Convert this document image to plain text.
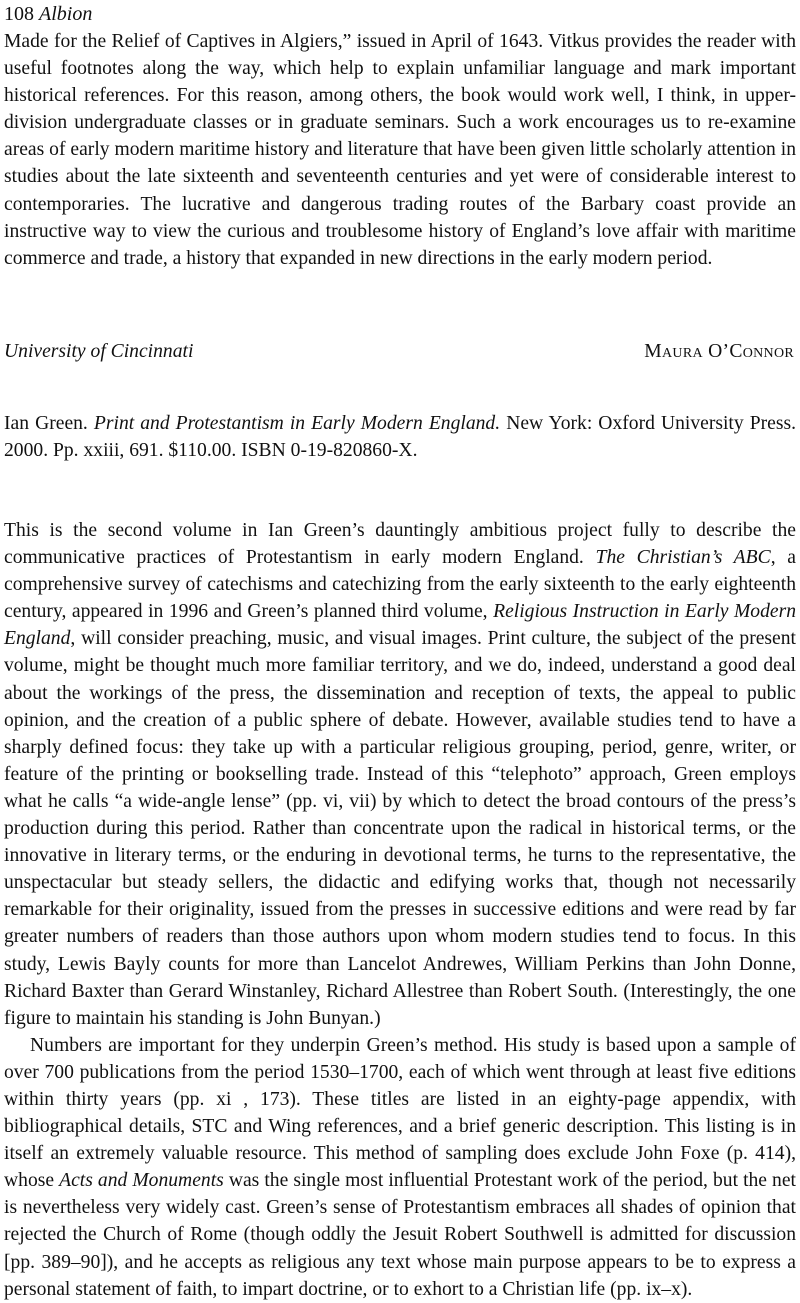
108 Albion

Made for the Relief of Captives in Algiers,” issued in April of 1643. Vitkus provides the reader with useful footnotes along the way, which help to explain unfamiliar language and mark important historical references. For this reason, among others, the book would work well, I think, in upper-division undergraduate classes or in graduate seminars. Such a work encourages us to re-examine areas of early modern maritime history and literature that have been given little scholarly attention in studies about the late sixteenth and seventeenth centuries and yet were of considerable interest to contemporaries. The lucrative and dangerous trading routes of the Barbary coast provide an instructive way to view the curious and troublesome history of England’s love affair with maritime commerce and trade, a history that expanded in new directions in the early modern period.

University of Cincinnati	Maura O’Connor
Ian Green. Print and Protestantism in Early Modern England. New York: Oxford University Press. 2000. Pp. xxiii, 691. $110.00. ISBN 0-19-820860-X.

This is the second volume in Ian Green’s dauntingly ambitious project fully to describe the communicative practices of Protestantism in early modern England. The Christian’s ABC, a comprehensive survey of catechisms and catechizing from the early sixteenth to the early eighteenth century, appeared in 1996 and Green’s planned third volume, Religious Instruction in Early Modern England, will consider preaching, music, and visual images. Print culture, the subject of the present volume, might be thought much more familiar territory, and we do, indeed, understand a good deal about the workings of the press, the dissemination and reception of texts, the appeal to public opinion, and the creation of a public sphere of debate. However, available studies tend to have a sharply defined focus: they take up with a particular religious grouping, period, genre, writer, or feature of the printing or bookselling trade. Instead of this “telephoto” approach, Green employs what he calls “a wide-angle lense” (pp. vi, vii) by which to detect the broad contours of the press’s production during this period. Rather than concentrate upon the radical in historical terms, or the innovative in literary terms, or the enduring in devotional terms, he turns to the representative, the unspectacular but steady sellers, the didactic and edifying works that, though not necessarily remarkable for their originality, issued from the presses in successive editions and were read by far greater numbers of readers than those authors upon whom modern studies tend to focus. In this study, Lewis Bayly counts for more than Lancelot Andrewes, William Perkins than John Donne, Richard Baxter than Gerard Winstanley, Richard Allestree than Robert South. (Interestingly, the one figure to maintain his standing is John Bunyan.)

Numbers are important for they underpin Green’s method. His study is based upon a sample of over 700 publications from the period 1530–1700, each of which went through at least five editions within thirty years (pp. xi , 173). These titles are listed in an eighty-page appendix, with bibliographical details, STC and Wing references, and a brief generic description. This listing is in itself an extremely valuable resource. This method of sampling does exclude John Foxe (p. 414), whose Acts and Monuments was the single most influential Protestant work of the period, but the net is nevertheless very widely cast. Green’s sense of Protestantism embraces all shades of opinion that rejected the Church of Rome (though oddly the Jesuit Robert Southwell is admitted for discussion [pp. 389–90]), and he accepts as religious any text whose main purpose appears to be to express a personal statement of faith, to impart doctrine, or to exhort to a Christian life (pp. ix–x).
